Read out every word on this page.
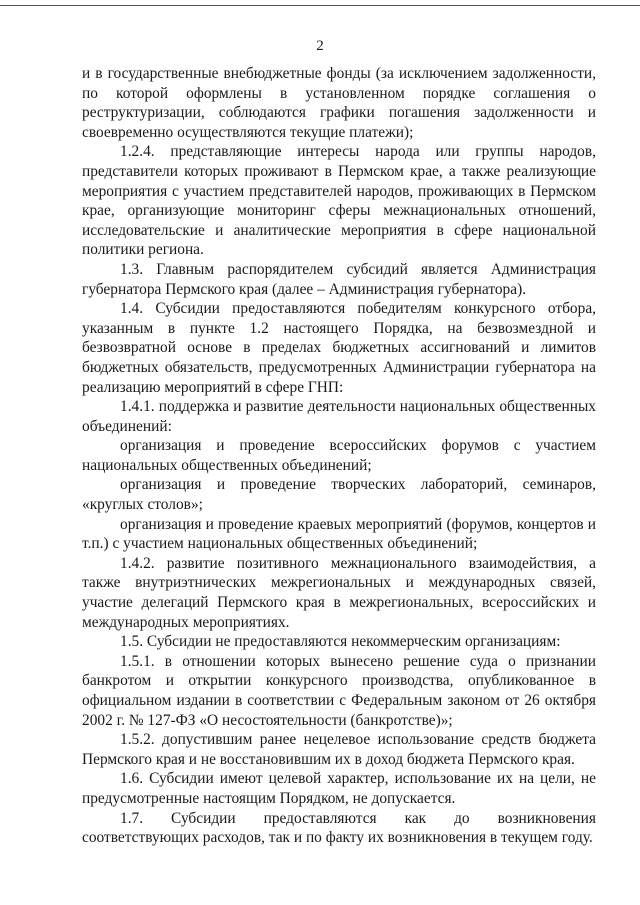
2

и в государственные внебюджетные фонды (за исключением задолженности, по которой оформлены в установленном порядке соглашения о реструктуризации, соблюдаются графики погашения задолженности и своевременно осуществляются текущие платежи);

1.2.4. представляющие интересы народа или группы народов, представители которых проживают в Пермском крае, а также реализующие мероприятия с участием представителей народов, проживающих в Пермском крае, организующие мониторинг сферы межнациональных отношений, исследовательские и аналитические мероприятия в сфере национальной политики региона.

1.3. Главным распорядителем субсидий является Администрация губернатора Пермского края (далее – Администрация губернатора).

1.4. Субсидии предоставляются победителям конкурсного отбора, указанным в пункте 1.2 настоящего Порядка, на безвозмездной и безвозвратной основе в пределах бюджетных ассигнований и лимитов бюджетных обязательств, предусмотренных Администрации губернатора на реализацию мероприятий в сфере ГНП:

1.4.1. поддержка и развитие деятельности национальных общественных объединений:

организация и проведение всероссийских форумов с участием национальных общественных объединений;

организация и проведение творческих лабораторий, семинаров, «круглых столов»;

организация и проведение краевых мероприятий (форумов, концертов и т.п.) с участием национальных общественных объединений;

1.4.2. развитие позитивного межнационального взаимодействия, а также внутриэтнических межрегиональных и международных связей, участие делегаций Пермского края в межрегиональных, всероссийских и международных мероприятиях.

1.5. Субсидии не предоставляются некоммерческим организациям:

1.5.1. в отношении которых вынесено решение суда о признании банкротом и открытии конкурсного производства, опубликованное в официальном издании в соответствии с Федеральным законом от 26 октября 2002 г. № 127-ФЗ «О несостоятельности (банкротстве)»;

1.5.2. допустившим ранее нецелевое использование средств бюджета Пермского края и не восстановившим их в доход бюджета Пермского края.

1.6. Субсидии имеют целевой характер, использование их на цели, не предусмотренные настоящим Порядком, не допускается.

1.7. Субсидии предоставляются как до возникновения соответствующих расходов, так и по факту их возникновения в текущем году.
